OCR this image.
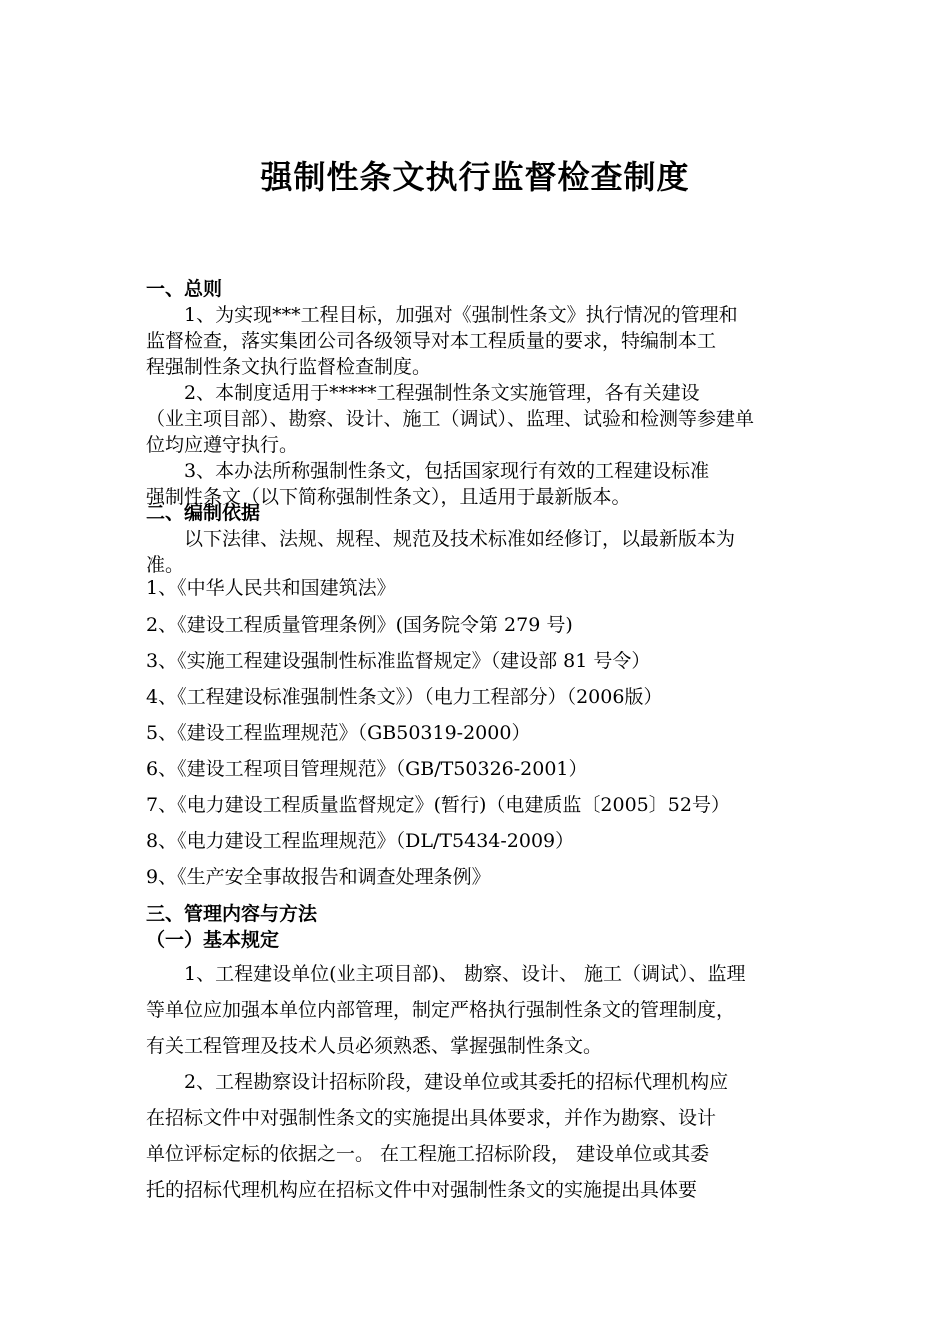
强制性条文执行监督检查制度
一、总则

1、为实现***工程目标，加强对《强制性条文》执行情况的管理和

监督检查，落实集团公司各级领导对本工程质量的要求，特编制本工

程强制性条文执行监督检查制度。

2、本制度适用于*****工程强制性条文实施管理，各有关建设

（业主项目部）、勘察、设计、施工（调试）、监理、试验和检测等参建单

位均应遵守执行。

3、本办法所称强制性条文，包括国家现行有效的工程建设标准

强制性条文（以下简称强制性条文），且适用于最新版本。

二、编制依据

以下法律、法规、规程、规范及技术标准如经修订，以最新版本为

准。

1、《中华人民共和国建筑法》
2、《建设工程质量管理条例》(国务院令第 279 号)
3、《实施工程建设强制性标准监督规定》（建设部 81 号令）
4、《工程建设标准强制性条文》）（电力工程部分）（2006版）
5、《建设工程监理规范》（GB50319-2000）
6、《建设工程项目管理规范》（GB/T50326-2001）
7、《电力建设工程质量监督规定》(暂行)（电建质监〔2005〕52号）
8、《电力建设工程监理规范》（DL/T5434-2009）
9、《生产安全事故报告和调查处理条例》
三、管理内容与方法
（一）基本规定

1、工程建设单位(业主项目部)、 勘察、设计、 施工（调试）、监理

等单位应加强本单位内部管理，制定严格执行强制性条文的管理制度，

有关工程管理及技术人员必须熟悉、掌握强制性条文。

2、工程勘察设计招标阶段，建设单位或其委托的招标代理机构应

在招标文件中对强制性条文的实施提出具体要求，并作为勘察、设计

单位评标定标的依据之一。 在工程施工招标阶段， 建设单位或其委

托的招标代理机构应在招标文件中对强制性条文的实施提出具体要
